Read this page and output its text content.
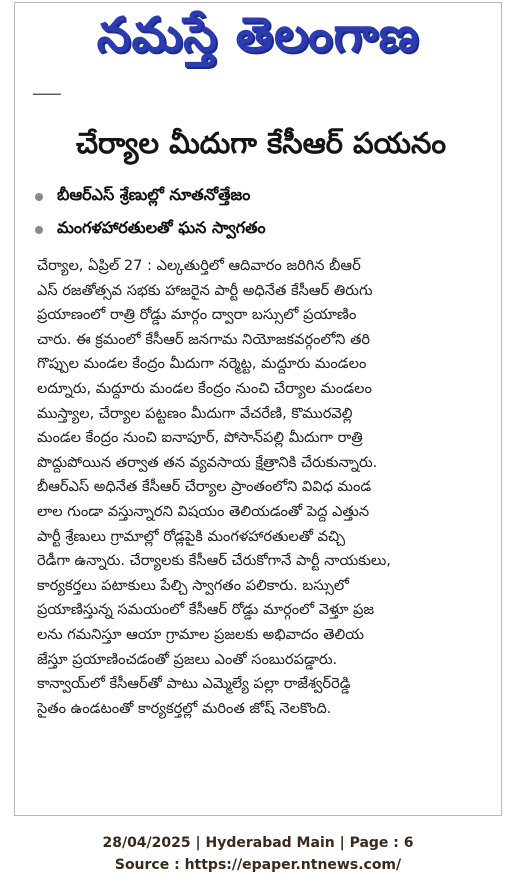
నమస్తే తెలంగాణ
▔▔▔▔
చేర్యాల మీదుగా కేసీఆర్ పయనం
బీఆర్ఎస్ శ్రేణుల్లో నూతనోత్తేజం
మంగళహారతులతో ఘన స్వాగతం
చేర్యాల, ఏప్రిల్ 27 : ఎల్కతుర్తిలో ఆదివారం జరిగిన బీఆర్
ఎస్ రజతోత్సవ సభకు హాజరైన పార్టీ అధినేత కేసీఆర్ తిరుగు
ప్రయాణంలో రాత్రి రోడ్డు మార్గం ద్వారా బస్సులో ప్రయాణిం
చారు. ఈ క్రమంలో కేసీఆర్ జనగామ నియోజకవర్గంలోని తరి
గొప్పుల మండల కేంద్రం మీదుగా నర్మెట్ట, మద్దూరు మండలం
లద్నూరు, మద్దూరు మండల కేంద్రం నుంచి చేర్యాల మండలం
ముస్త్యాల, చేర్యాల పట్టణం మీదుగా వేచరేణి, కొమురవెల్లి
మండల కేంద్రం నుంచి ఐనాపూర్, పోసాన్‌పల్లి మీదుగా రాత్రి
పొద్దుపోయిన తర్వాత తన వ్యవసాయ క్షేత్రానికి చేరుకున్నారు.
బీఆర్ఎస్ అధినేత కేసీఆర్ చేర్యాల ప్రాంతంలోని వివిధ మండ
లాల గుండా వస్తున్నారని విషయం తెలియడంతో పెద్ద ఎత్తున
పార్టీ శ్రేణులు గ్రామాల్లో రోడ్లపైకి మంగళహారతులతో వచ్చి
రెడీగా ఉన్నారు. చేర్యాలకు కేసీఆర్ చేరుకోగానే పార్టీ నాయకులు,
కార్యకర్తలు పటాకులు పేల్చి స్వాగతం పలికారు. బస్సులో
ప్రయాణిస్తున్న సమయంలో కేసీఆర్ రోడ్డు మార్గంలో వెళ్తూ ప్రజ
లను గమనిస్తూ ఆయా గ్రామాల ప్రజలకు అభివాదం తెలియ
జేస్తూ ప్రయాణించడంతో ప్రజలు ఎంతో సంబురపడ్డారు.
కాన్వాయ్‌లో కేసీఆర్‌తో పాటు ఎమ్మెల్యే పల్లా రాజేశ్వర్‌రెడ్డి
సైతం ఉండటంతో కార్యకర్తల్లో మరింత జోష్ నెలకొంది.
28/04/2025 | Hyderabad Main | Page : 6
Source : https://epaper.ntnews.com/
